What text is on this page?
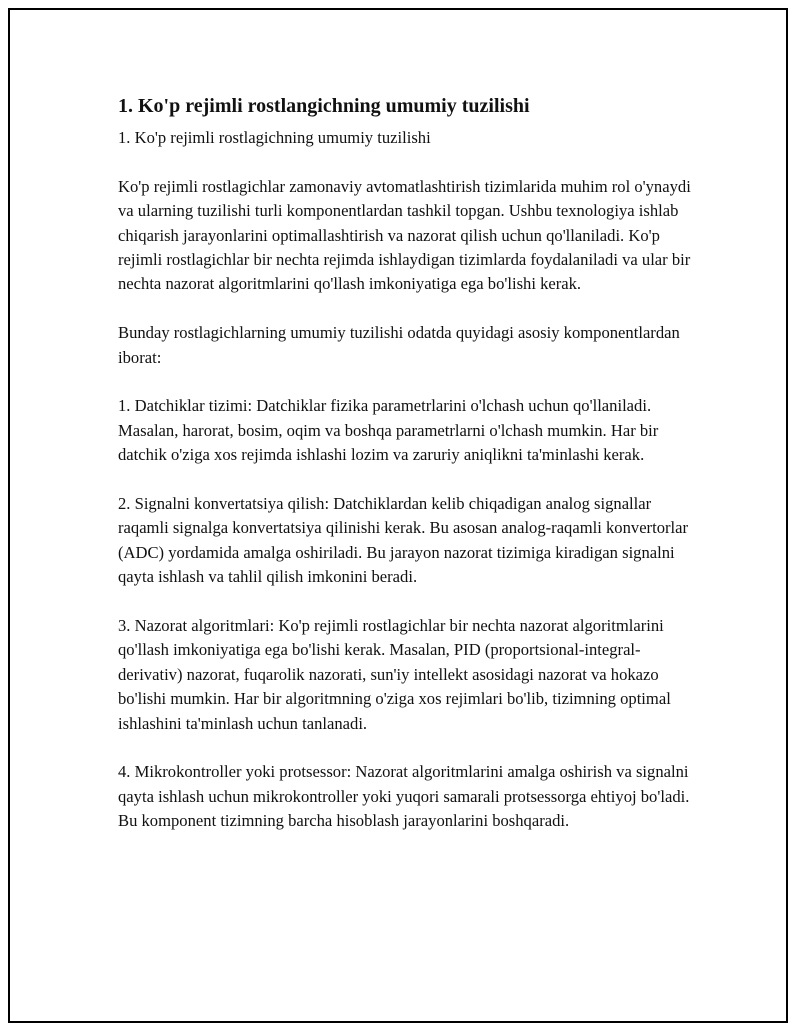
1. Ko'p rejimli rostlangichning umumiy tuzilishi

1. Ko'p rejimli rostlagichning umumiy tuzilishi

Ko'p rejimli rostlagichlar zamonaviy avtomatlashtirish tizimlarida muhim rol o'ynaydi va ularning tuzilishi turli komponentlardan tashkil topgan. Ushbu texnologiya ishlab chiqarish jarayonlarini optimallashtirish va nazorat qilish uchun qo'llaniladi. Ko'p rejimli rostlagichlar bir nechta rejimda ishlaydigan tizimlarda foydalaniladi va ular bir nechta nazorat algoritmlarini qo'llash imkoniyatiga ega bo'lishi kerak.

Bunday rostlagichlarning umumiy tuzilishi odatda quyidagi asosiy komponentlardan iborat:

1. Datchiklar tizimi: Datchiklar fizika parametrlarini o'lchash uchun qo'llaniladi. Masalan, harorat, bosim, oqim va boshqa parametrlarni o'lchash mumkin. Har bir datchik o'ziga xos rejimda ishlashi lozim va zaruriy aniqlikni ta'minlashi kerak.

2. Signalni konvertatsiya qilish: Datchiklardan kelib chiqadigan analog signallar raqamli signalga konvertatsiya qilinishi kerak. Bu asosan analog-raqamli konvertorlar (ADC) yordamida amalga oshiriladi. Bu jarayon nazorat tizimiga kiradigan signalni qayta ishlash va tahlil qilish imkonini beradi.

3. Nazorat algoritmlari: Ko'p rejimli rostlagichlar bir nechta nazorat algoritmlarini qo'llash imkoniyatiga ega bo'lishi kerak. Masalan, PID (proportsional-integral-derivativ) nazorat, fuqarolik nazorati, sun'iy intellekt asosidagi nazorat va hokazo bo'lishi mumkin. Har bir algoritmning o'ziga xos rejimlari bo'lib, tizimning optimal ishlashini ta'minlash uchun tanlanadi.

4. Mikrokontroller yoki protsessor: Nazorat algoritmlarini amalga oshirish va signalni qayta ishlash uchun mikrokontroller yoki yuqori samarali protsessorga ehtiyoj bo'ladi. Bu komponent tizimning barcha hisoblash jarayonlarini boshqaradi.
